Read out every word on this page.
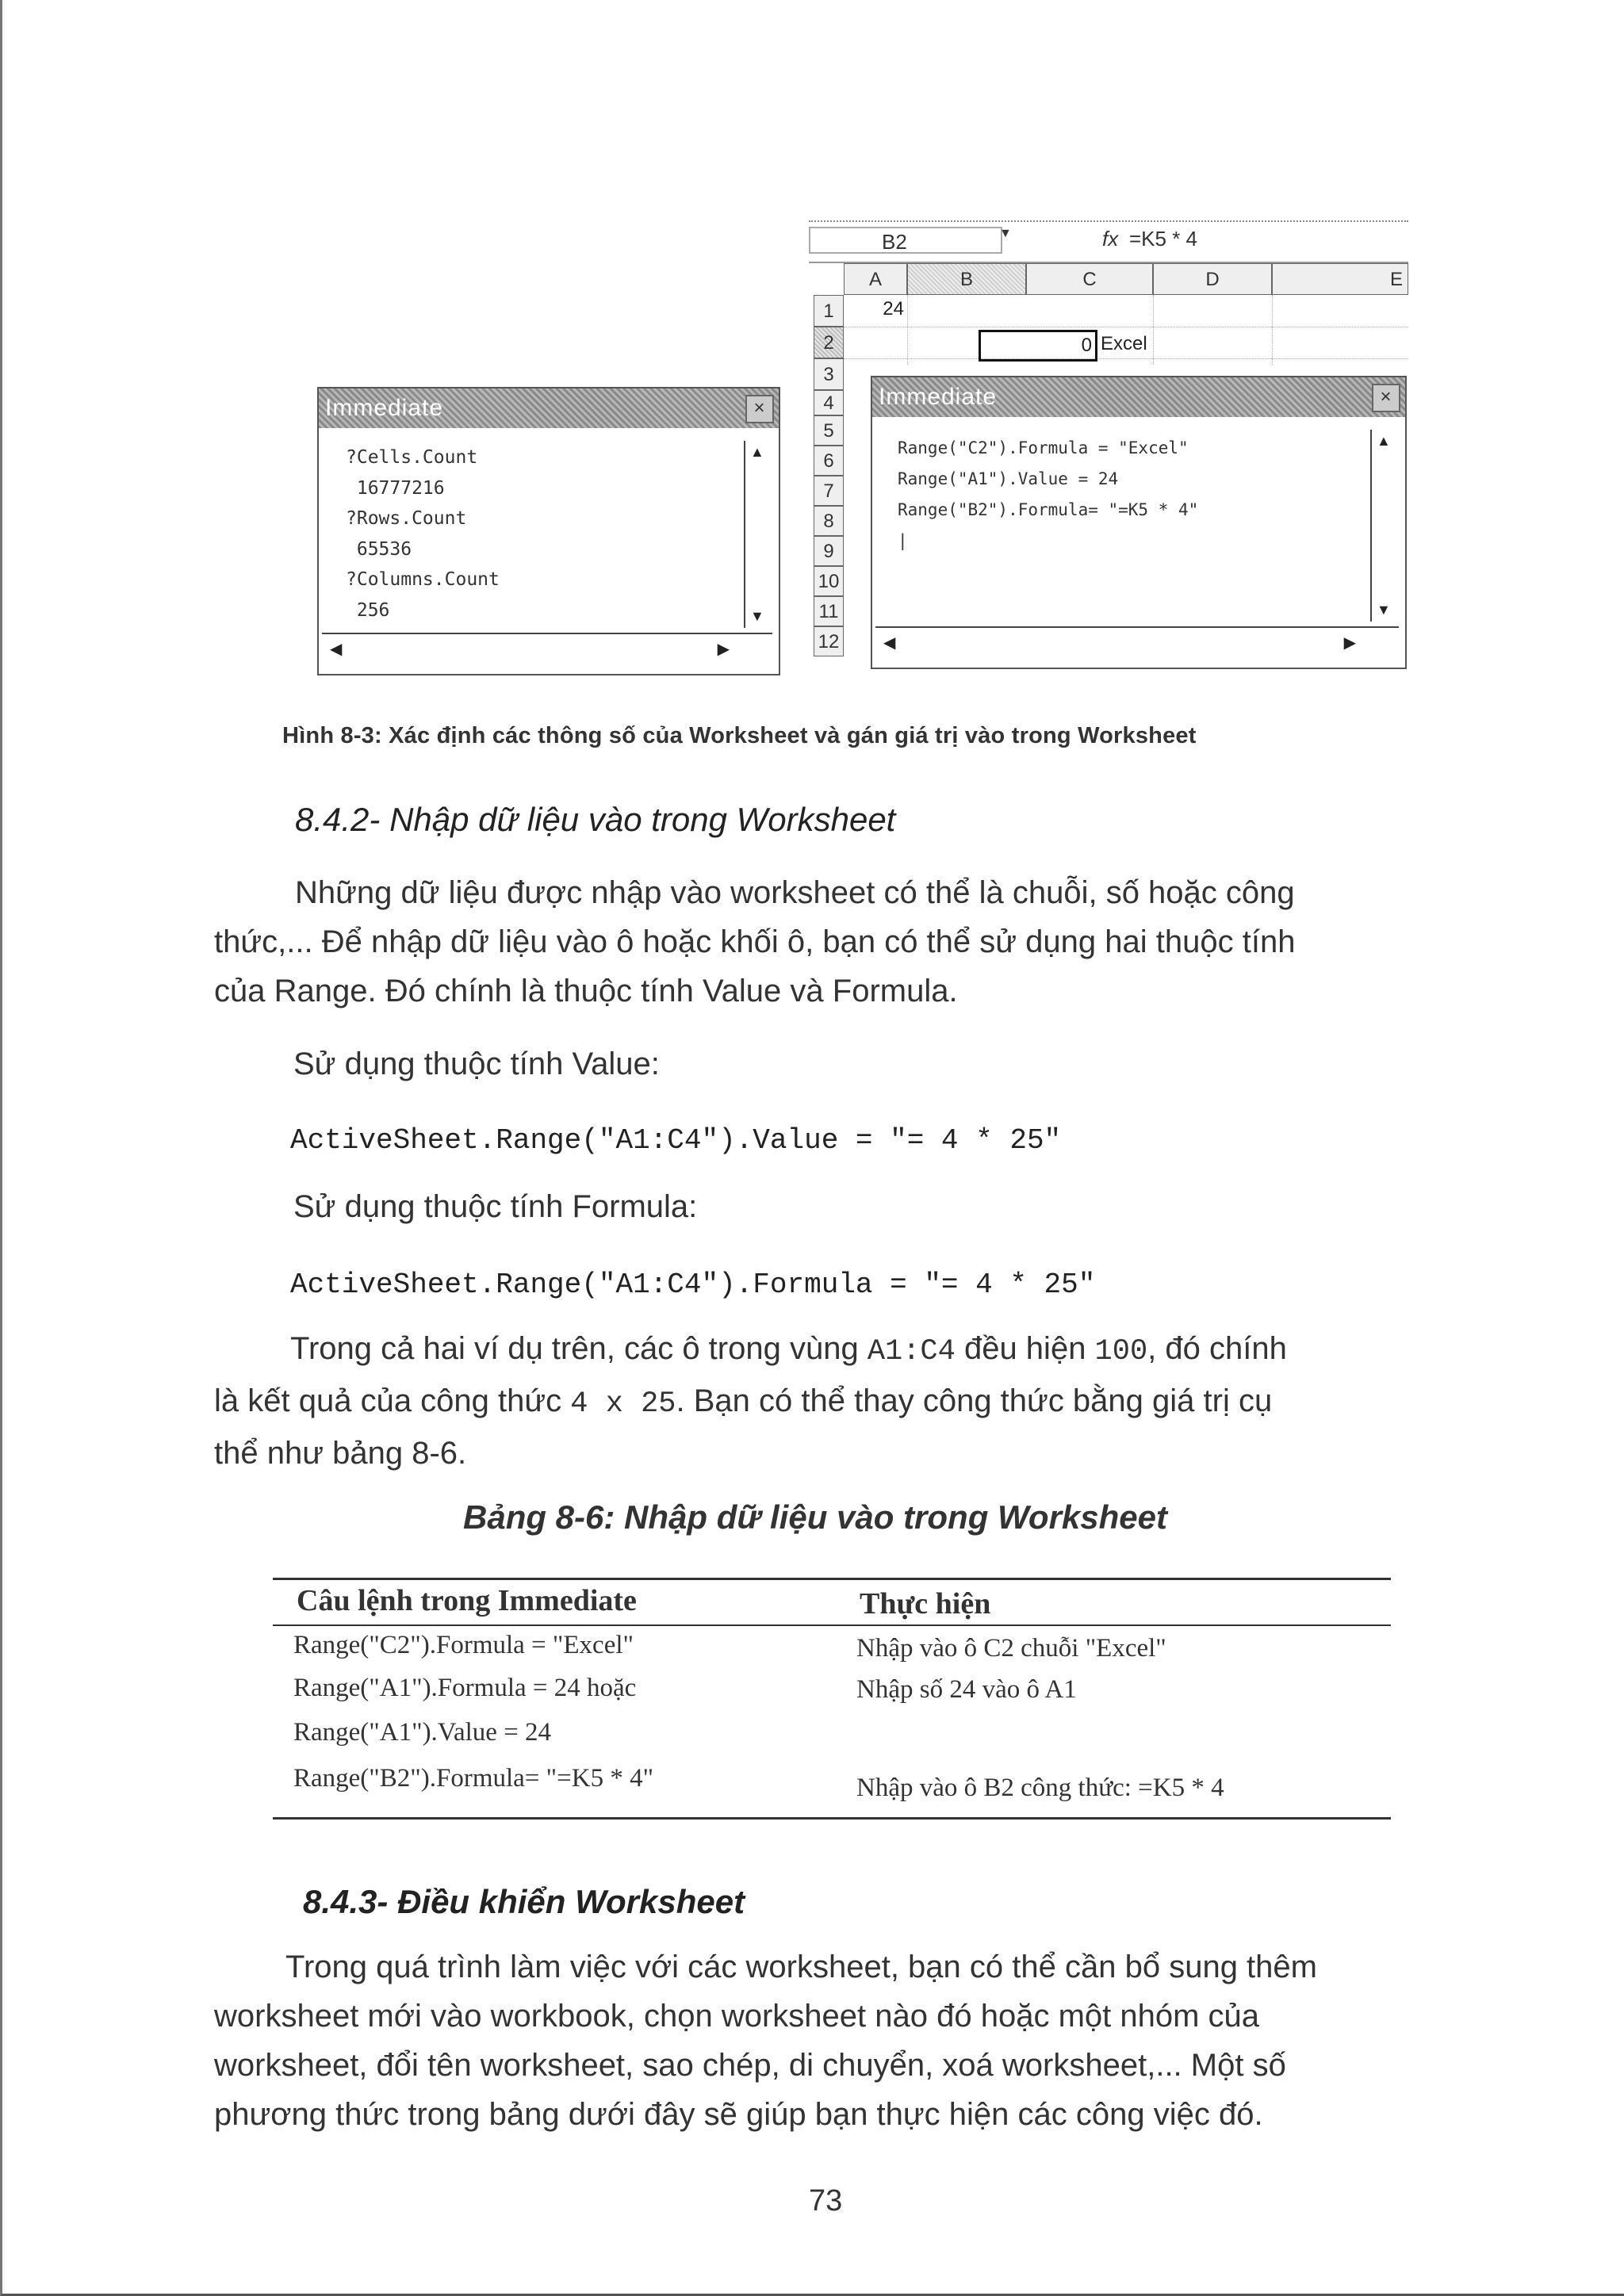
Immediate	×
?Cells.Count
16777216
?Rows.Count
65536
?Columns.Count
256
▲
▼
◀	▶
B2	▼	fx =K5 * 4
A	B	C	D	E
1
2
3
4
5
6
7
8
9
10
11
12
24
0 Excel
Immediate	×
Range("C2").Formula = "Excel"
Range("A1").Value = 24
Range("B2").Formula= "=K5 * 4"
|
▲
▼
◀	▶
Hình 8-3: Xác định các thông số của Worksheet và gán giá trị vào trong Worksheet
8.4.2- Nhập dữ liệu vào trong Worksheet
Những dữ liệu được nhập vào worksheet có thể là chuỗi, số hoặc công
thức,... Để nhập dữ liệu vào ô hoặc khối ô, bạn có thể sử dụng hai thuộc tính
của Range. Đó chính là thuộc tính Value và Formula.
Sử dụng thuộc tính Value:
ActiveSheet.Range("A1:C4").Value = "= 4 * 25"
Sử dụng thuộc tính Formula:
ActiveSheet.Range("A1:C4").Formula = "= 4 * 25"
Trong cả hai ví dụ trên, các ô trong vùng A1:C4 đều hiện 100, đó chính
là kết quả của công thức 4 x 25. Bạn có thể thay công thức bằng giá trị cụ
thể như bảng 8-6.
Bảng 8-6: Nhập dữ liệu vào trong Worksheet
Câu lệnh trong Immediate	Thực hiện
Range("C2").Formula = "Excel"	Nhập vào ô C2 chuỗi "Excel"
Range("A1").Formula = 24 hoặc	Nhập số 24 vào ô A1
Range("A1").Value = 24
Range("B2").Formula= "=K5 * 4"	Nhập vào ô B2 công thức: =K5 * 4
8.4.3- Điều khiển Worksheet
Trong quá trình làm việc với các worksheet, bạn có thể cần bổ sung thêm
worksheet mới vào workbook, chọn worksheet nào đó hoặc một nhóm của
worksheet, đổi tên worksheet, sao chép, di chuyển, xoá worksheet,... Một số
phương thức trong bảng dưới đây sẽ giúp bạn thực hiện các công việc đó.
73
